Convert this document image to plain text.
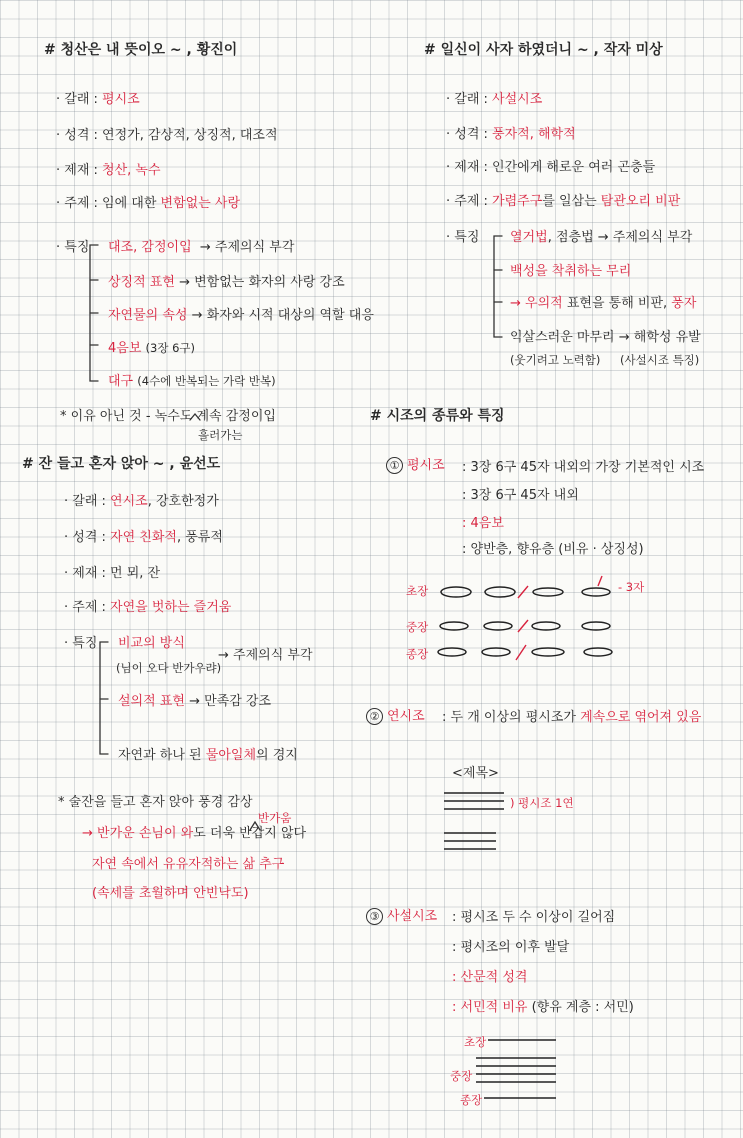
# 청산은 내 뜻이오 ~ , 황진이
· 갈래 : 평시조
· 성격 : 연정가, 감상적, 상징적, 대조적
· 제재 : 청산, 녹수
· 주제 : 임에 대한 변함없는 사랑
· 특징 대조, 감정이입 → 주제의식 부각
상징적 표현 → 변함없는 화자의 사랑 강조
자연물의 속성 → 화자와 시적 대상의 역할 대응
4음보 (3장 6구)
대구 (4수에 반복되는 가락 반복)
* 이유 아닌 것 - 녹수도 계속 감정이입
흘러가는
# 잔 들고 혼자 앉아 ~ , 윤선도
· 갈래 : 연시조, 강호한정가
· 성격 : 자연 친화적, 풍류적
· 제재 : 먼 뫼, 잔
· 주제 : 자연을 벗하는 즐거움
· 특징 비교의 방식
(님이 오다 반가우랴)
→ 주제의식 부각
설의적 표현 → 만족감 강조
자연과 하나 된 물아일체의 경지
* 술잔을 들고 혼자 앉아 풍경 감상
→ 반가운 손님이 와도 더욱 반갑지 않다
반가움
자연 속에서 유유자적하는 삶 추구
(속세를 초월하며 안빈낙도)
# 일신이 사자 하였더니 ~ , 작자 미상
· 갈래 : 사설시조
· 성격 : 풍자적, 해학적
· 제재 : 인간에게 해로운 여러 곤충들
· 주제 : 가렴주구를 일삼는 탐관오리 비판
· 특징 열거법, 점층법 → 주제의식 부각
백성을 착취하는 무리
→ 우의적 표현을 통해 비판, 풍자
익살스러운 마무리 → 해학성 유발
(웃기려고 노력함) (사설시조 특징)
# 시조의 종류와 특징
① 평시조 : 3장 6구 45자 내외의 가장 기본적인 시조
: 3장 6구 45자 내외
: 4음보
: 양반층, 향유층 (비유 · 상징성)
초장
중장
종장
- 3자
② 연시조 : 두 개 이상의 평시조가 계속으로 엮어져 있음
<제목>
) 평시조 1연
③ 사설시조 : 평시조 두 수 이상이 길어짐
: 평시조의 이후 발달
: 산문적 성격
: 서민적 비유 (향유 계층 : 서민)
초장
중장
종장
